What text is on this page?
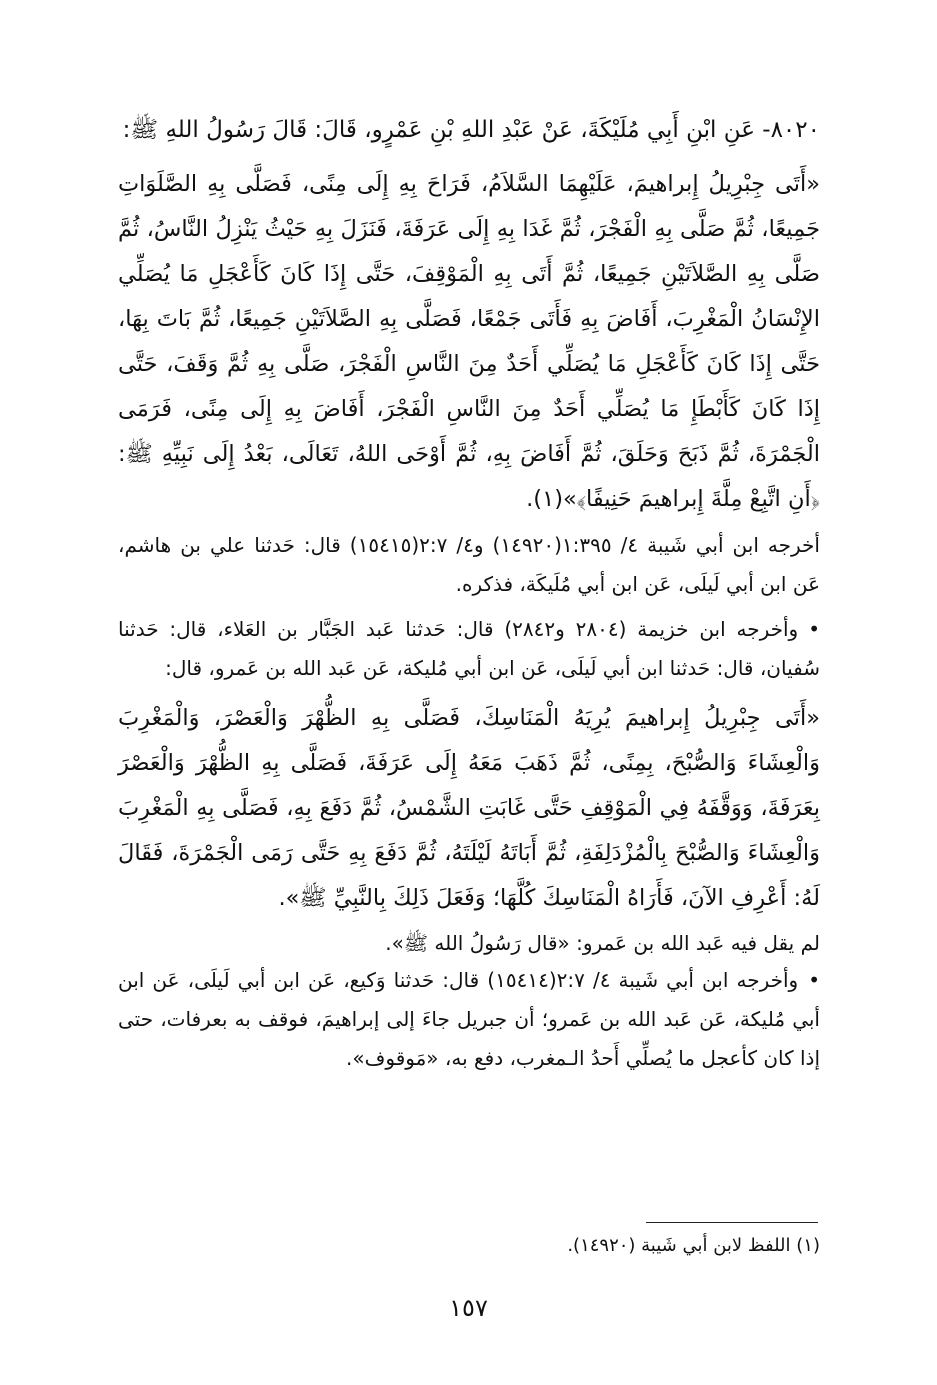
٨٠٢٠- عَنِ ابْنِ أَبِي مُلَيْكَةَ، عَنْ عَبْدِ اللهِ بْنِ عَمْرٍو، قَالَ: قَالَ رَسُولُ اللهِ ﷺ:

«أَتَى جِبْرِيلُ إِبراهيمَ، عَلَيْهِمَا السَّلاَمُ، فَرَاحَ بِهِ إِلَى مِنًى، فَصَلَّى بِهِ الصَّلَوَاتِ جَمِيعًا، ثُمَّ صَلَّى بِهِ الْفَجْرَ، ثُمَّ غَدَا بِهِ إِلَى عَرَفَةَ، فَنَزَلَ بِهِ حَيْثُ يَنْزِلُ النَّاسُ، ثُمَّ صَلَّى بِهِ الصَّلاَتَيْنِ جَمِيعًا، ثُمَّ أَتَى بِهِ الْمَوْقِفَ، حَتَّى إِذَا كَانَ كَأَعْجَلِ مَا يُصَلِّي الإِنْسَانُ الْمَغْرِبَ، أَفَاضَ بِهِ فَأَتَى جَمْعًا، فَصَلَّى بِهِ الصَّلاَتَيْنِ جَمِيعًا، ثُمَّ بَاتَ بِهَا، حَتَّى إِذَا كَانَ كَأَعْجَلِ مَا يُصَلِّي أَحَدٌ مِنَ النَّاسِ الْفَجْرَ، صَلَّى بِهِ ثُمَّ وَقَفَ، حَتَّى إِذَا كَانَ كَأَبْطَإِ مَا يُصَلِّي أَحَدٌ مِنَ النَّاسِ الْفَجْرَ، أَفَاضَ بِهِ إِلَى مِنًى، فَرَمَى الْجَمْرَةَ، ثُمَّ ذَبَحَ وَحَلَقَ، ثُمَّ أَفَاضَ بِهِ، ثُمَّ أَوْحَى اللهُ، تَعَالَى، بَعْدُ إِلَى نَبِيِّهِ ﷺ: ﴿أَنِ اتَّبِعْ مِلَّةَ إِبراهيمَ حَنِيفًا﴾»(١).

أخرجه ابن أبي شَيبة ٤/ ١:٣٩٥(١٤٩٢٠) و٤/ ٢:٧(١٥٤١٥) قال: حَدثنا علي بن هاشم، عَن ابن أبي لَيلَى، عَن ابن أبي مُلَيكَة، فذكره.

•وأخرجه ابن خزيمة (٢٨٠٤ و٢٨٤٢) قال: حَدثنا عَبد الجَبَّار بن العَلاء، قال: حَدثنا سُفيان، قال: حَدثنا ابن أبي لَيلَى، عَن ابن أبي مُليكة، عَن عَبد الله بن عَمرو، قال:

«أَتَى جِبْرِيلُ إِبراهيمَ يُرِيَهُ الْمَنَاسِكَ، فَصَلَّى بِهِ الظُّهْرَ وَالْعَصْرَ، وَالْمَغْرِبَ وَالْعِشَاءَ وَالصُّبْحَ، بِمِنًى، ثُمَّ ذَهَبَ مَعَهُ إِلَى عَرَفَةَ، فَصَلَّى بِهِ الظُّهْرَ وَالْعَصْرَ بِعَرَفَةَ، وَوَقَّفَهُ فِي الْمَوْقِفِ حَتَّى غَابَتِ الشَّمْسُ، ثُمَّ دَفَعَ بِهِ، فَصَلَّى بِهِ الْمَغْرِبَ وَالْعِشَاءَ وَالصُّبْحَ بِالْمُزْدَلِفَةِ، ثُمَّ أَبَاتَهُ لَيْلَتَهُ، ثُمَّ دَفَعَ بِهِ حَتَّى رَمَى الْجَمْرَةَ، فَقَالَ لَهُ: أَعْرِفِ الآنَ، فَأَرَاهُ الْمَنَاسِكَ كُلَّهَا؛ وَفَعَلَ ذَلِكَ بِالنَّبِيِّ ﷺ».

لم يقل فيه عَبد الله بن عَمرو: «قال رَسُولُ الله ﷺ».

•وأخرجه ابن أبي شَيبة ٤/ ٢:٧(١٥٤١٤) قال: حَدثنا وَكيع، عَن ابن أبي لَيلَى، عَن ابن أبي مُليكة، عَن عَبد الله بن عَمرو؛ أن جبريل جاءَ إلى إبراهيمَ، فوقف به بعرفات، حتى إذا كان كأعجل ما يُصلِّي أَحدُ الـمغرب، دفع به، «مَوقوف».

(١) اللفظ لابن أبي شَيبة (١٤٩٢٠).
١٥٧
